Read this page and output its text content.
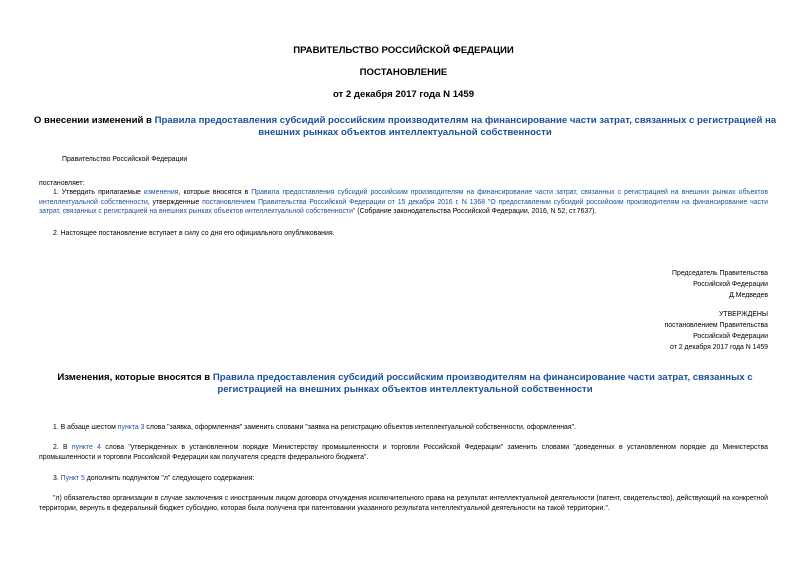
ПРАВИТЕЛЬСТВО РОССИЙСКОЙ ФЕДЕРАЦИИ
ПОСТАНОВЛЕНИЕ
от 2 декабря 2017 года N 1459
О внесении изменений в Правила предоставления субсидий российским производителям на финансирование части затрат, связанных с регистрацией на внешних рынках объектов интеллектуальной собственности
Правительство Российской Федерации
постановляет:
1. Утвердить прилагаемые изменения, которые вносятся в Правила предоставления субсидий российским производителям на финансирование части затрат, связанных с регистрацией на внешних рынках объектов интеллектуальной собственности, утвержденные постановлением Правительства Российской Федерации от 15 декабря 2016 г. N 1368 "О предоставлении субсидий российским производителям на финансирование части затрат, связанных с регистрацией на внешних рынках объектов интеллектуальной собственности" (Собрание законодательства Российской Федерации, 2016, N 52, ст.7637).
2. Настоящее постановление вступает в силу со дня его официального опубликования.
Председатель Правительства
Российской Федерации
Д.Медведев
УТВЕРЖДЕНЫ
постановлением Правительства
Российской Федерации
от 2 декабря 2017 года N 1459
Изменения, которые вносятся в Правила предоставления субсидий российским производителям на финансирование части затрат, связанных с регистрацией на внешних рынках объектов интеллектуальной собственности
1. В абзаце шестом пункта 3 слова "заявка, оформленная" заменить словами "заявка на регистрацию объектов интеллектуальной собственности, оформленная".
2. В пункте 4 слова "утвержденных в установленном порядке Министерству промышленности и торговли Российской Федерации" заменить словами "доведенных в установленном порядке до Министерства промышленности и торговли Российской Федерации как получателя средств федерального бюджета".
3. Пункт 5 дополнить подпунктом "л" следующего содержания:
"л) обязательство организации в случае заключения с иностранным лицом договора отчуждения исключительного права на результат интеллектуальной деятельности (патент, свидетельство), действующий на конкретной территории, вернуть в федеральный бюджет субсидию, которая была получена при патентовании указанного результата интеллектуальной деятельности на такой территории.".
